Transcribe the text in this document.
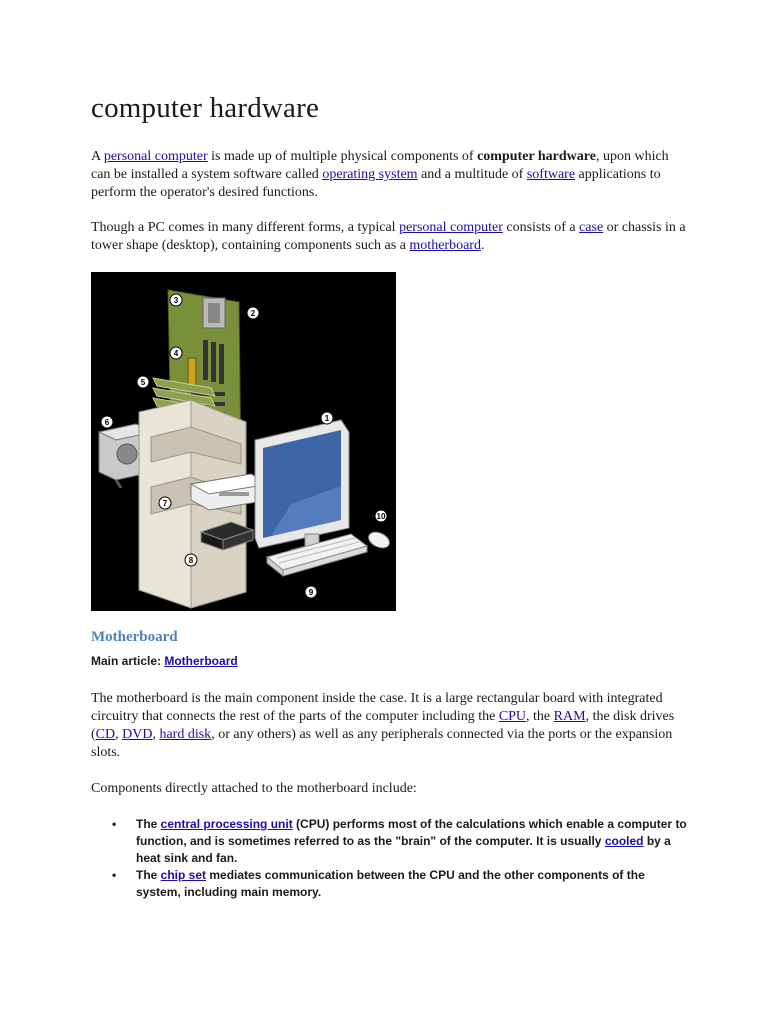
computer hardware

A personal computer is made up of multiple physical components of computer hardware, upon which can be installed a system software called operating system and a multitude of software applications to perform the operator's desired functions.

Though a PC comes in many different forms, a typical personal computer consists of a case or chassis in a tower shape (desktop), containing components such as a motherboard.

3
2
4
5
6	1
7
10
8
9
Motherboard

Main article: Motherboard

The motherboard is the main component inside the case. It is a large rectangular board with integrated circuitry that connects the rest of the parts of the computer including the CPU, the RAM, the disk drives (CD, DVD, hard disk, or any others) as well as any peripherals connected via the ports or the expansion slots.

Components directly attached to the motherboard include:

• The central processing unit (CPU) performs most of the calculations which enable a computer to function, and is sometimes referred to as the "brain" of the computer. It is usually cooled by a heat sink and fan.
• The chip set mediates communication between the CPU and the other components of the system, including main memory.
